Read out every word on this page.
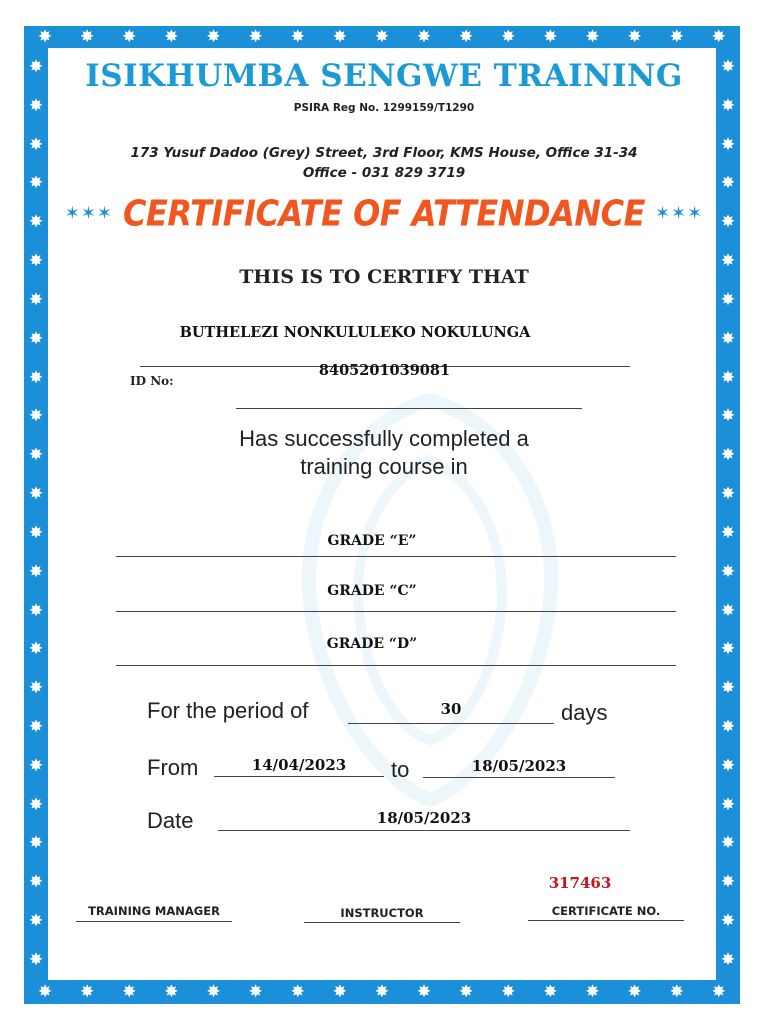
✸ ✸ ✸ ✸ ✸ ✸ ✸ ✸ ✸ ✸ ✸ ✸ ✸ ✸ ✸ ✸ ✸
✸ ✸ ✸ ✸ ✸ ✸ ✸ ✸ ✸ ✸ ✸ ✸ ✸ ✸ ✸ ✸ ✸
✸
✸
✸
✸
✸
✸
✸
✸
✸
✸
✸
✸
✸
✸
✸
✸
✸
✸
✸
✸
✸
✸
✸
✸
✸
✸
✸
✸
✸
✸
✸
✸
✸
✸
✸
✸
✸
✸
✸
✸
✸
✸
✸
✸
✸
✸
✸
✸
ISIKHUMBA SENGWE TRAINING
PSIRA Reg No. 1299159/T1290
173 Yusuf Dadoo (Grey) Street, 3rd Floor, KMS House, Office 31-34
Office - 031 829 3719
✶✶✶ CERTIFICATE OF ATTENDANCE ✶✶✶
THIS IS TO CERTIFY THAT
BUTHELEZI NONKULULEKO NOKULUNGA
ID No:
8405201039081
Has successfully completed a
training course in
GRADE “E”
GRADE “C”
GRADE “D”
For the period of	30	days
From	14/04/2023	to	18/05/2023
Date	18/05/2023
TRAINING MANAGER	INSTRUCTOR
317463
CERTIFICATE NO.
